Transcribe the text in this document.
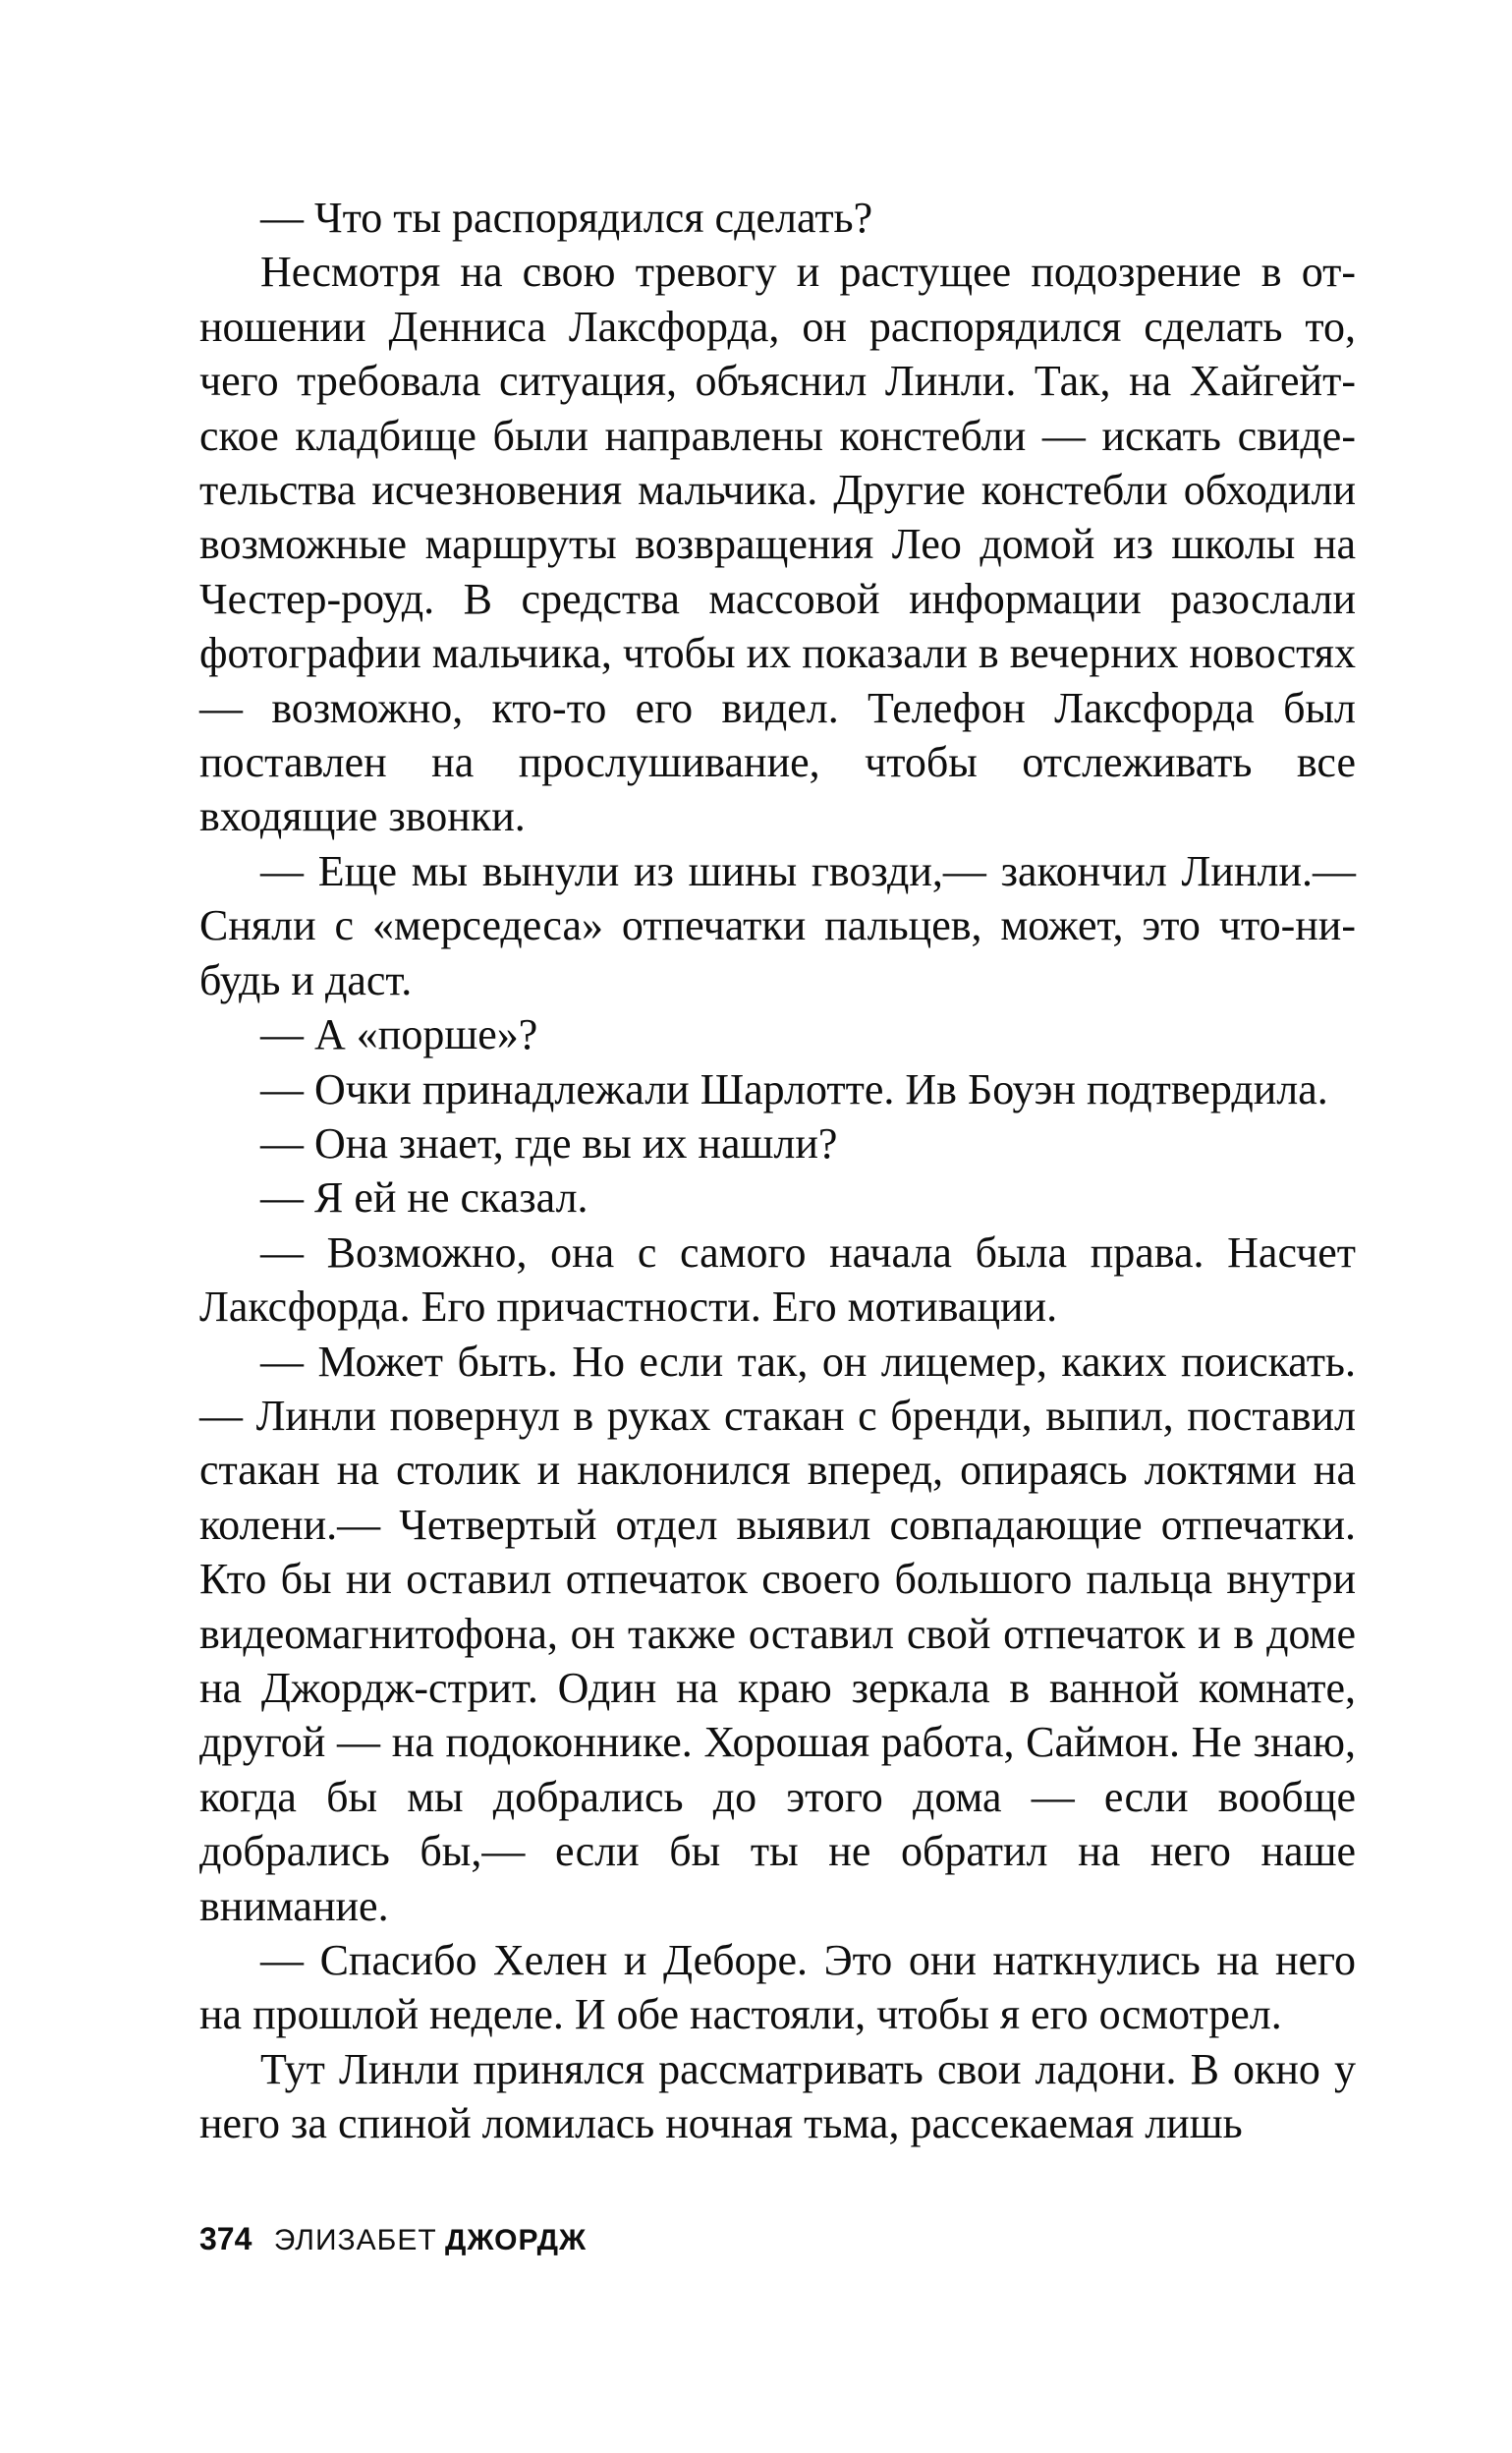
— Что ты распорядился сделать?

Несмотря на свою тревогу и растущее подозрение в отношении Денниса Лаксфорда, он распорядился сделать то, чего требовала ситуация, объяснил Линли. Так, на Хайгейтское кладбище были направлены констебли — искать свидетельства исчезновения мальчика. Другие констебли обходили возможные маршруты возвращения Лео домой из школы на Честер-роуд. В средства массовой информации разослали фотографии мальчика, чтобы их показали в вечерних новостях — возможно, кто-то его видел. Телефон Лаксфорда был поставлен на прослушивание, чтобы отслеживать все входящие звонки.

— Еще мы вынули из шины гвозди,— закончил Линли.— Сняли с «мерседеса» отпечатки пальцев, может, это что-нибудь и даст.

— А «порше»?

— Очки принадлежали Шарлотте. Ив Боуэн подтвердила.

— Она знает, где вы их нашли?

— Я ей не сказал.

— Возможно, она с самого начала была права. Насчет Лаксфорда. Его причастности. Его мотивации.

— Может быть. Но если так, он лицемер, каких поискать.— Линли повернул в руках стакан с бренди, выпил, поставил стакан на столик и наклонился вперед, опираясь локтями на колени.— Четвертый отдел выявил совпадающие отпечатки. Кто бы ни оставил отпечаток своего большого пальца внутри видеомагнитофона, он также оставил свой отпечаток и в доме на Джордж-стрит. Один на краю зеркала в ванной комнате, другой — на подоконнике. Хорошая работа, Саймон. Не знаю, когда бы мы добрались до этого дома — если вообще добрались бы,— если бы ты не обратил на него наше внимание.

— Спасибо Хелен и Деборе. Это они наткнулись на него на прошлой неделе. И обе настояли, чтобы я его осмотрел.

Тут Линли принялся рассматривать свои ладони. В окно у него за спиной ломилась ночная тьма, рассекаемая лишь

374 ЭЛИЗАБЕТ ДЖОРДЖ
